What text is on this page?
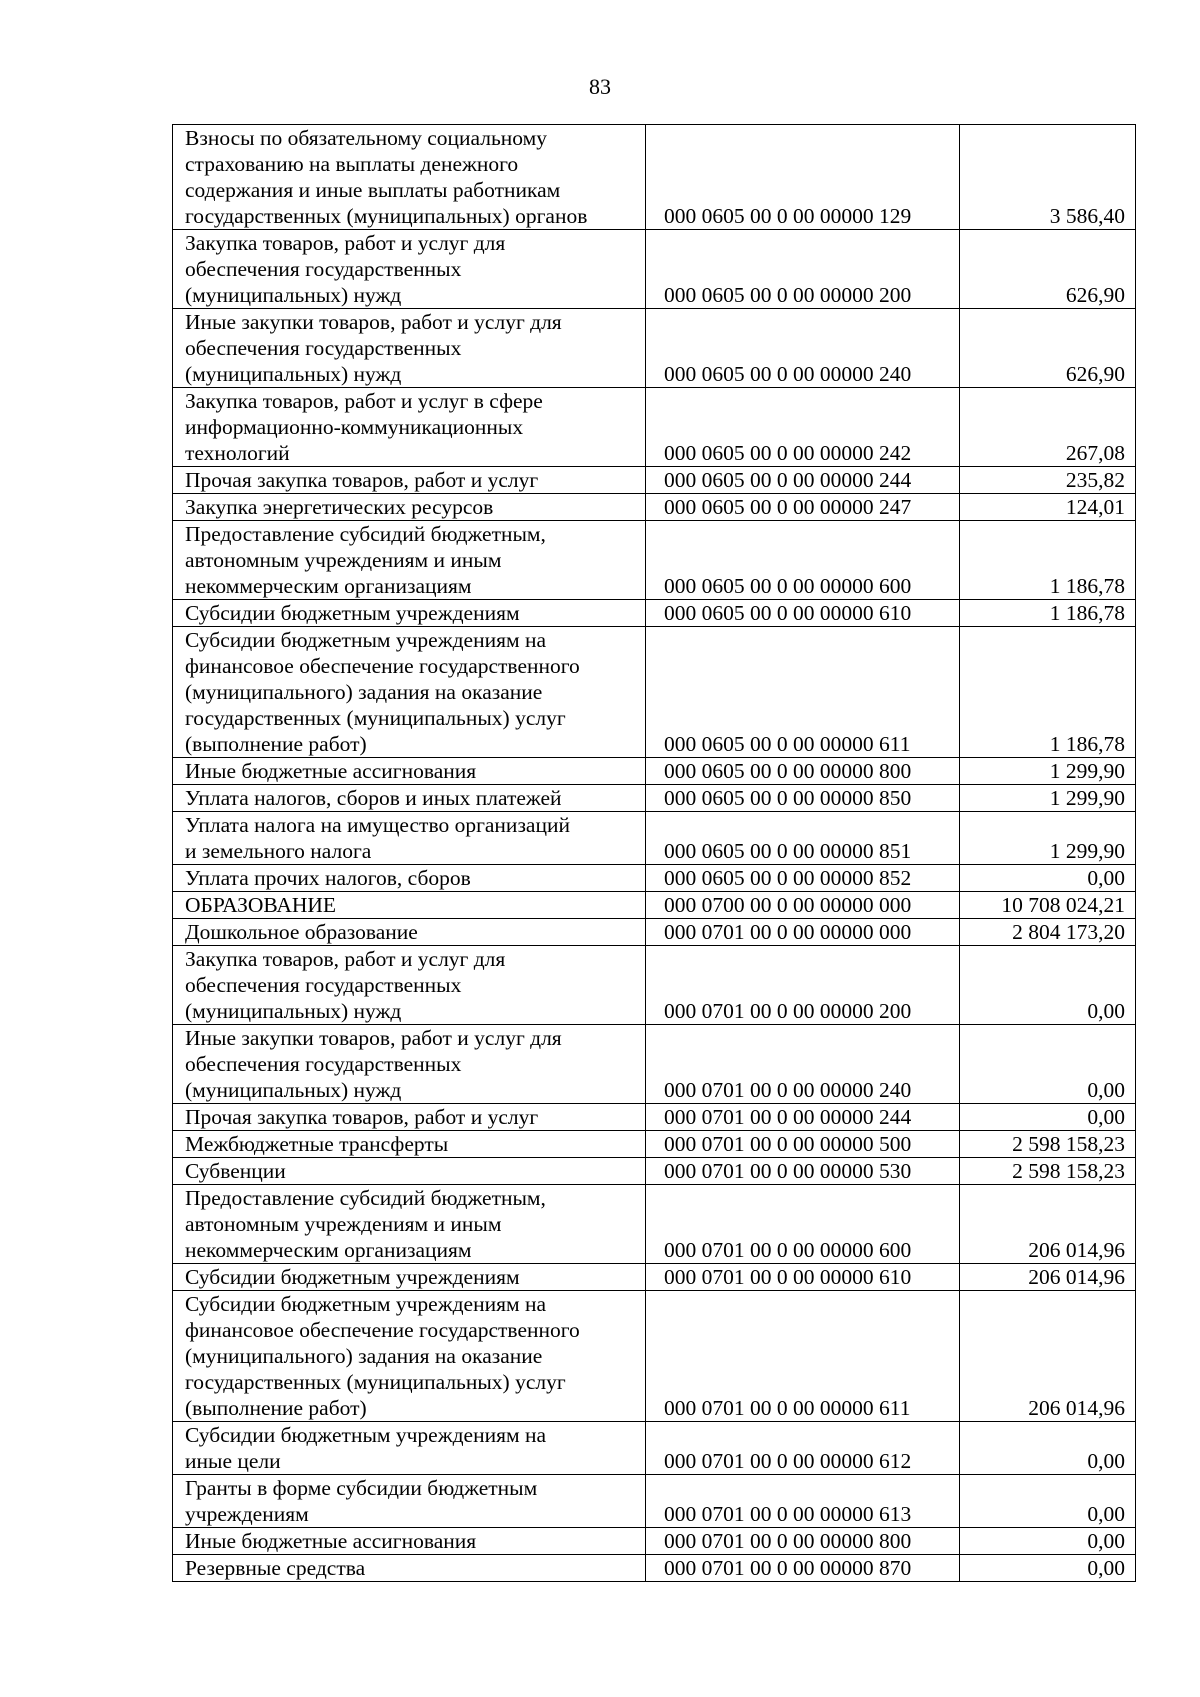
83
Взносы по обязательному социальному
страхованию на выплаты денежного
содержания и иные выплаты работникам
государственных (муниципальных) органов	000 0605 00 0 00 00000 129	3 586,40
Закупка товаров, работ и услуг для
обеспечения государственных
(муниципальных) нужд	000 0605 00 0 00 00000 200	626,90
Иные закупки товаров, работ и услуг для
обеспечения государственных
(муниципальных) нужд	000 0605 00 0 00 00000 240	626,90
Закупка товаров, работ и услуг в сфере
информационно-коммуникационных
технологий	000 0605 00 0 00 00000 242	267,08
Прочая закупка товаров, работ и услуг	000 0605 00 0 00 00000 244	235,82
Закупка энергетических ресурсов	000 0605 00 0 00 00000 247	124,01
Предоставление субсидий бюджетным,
автономным учреждениям и иным
некоммерческим организациям	000 0605 00 0 00 00000 600	1 186,78
Субсидии бюджетным учреждениям	000 0605 00 0 00 00000 610	1 186,78
Субсидии бюджетным учреждениям на
финансовое обеспечение государственного
(муниципального) задания на оказание
государственных (муниципальных) услуг
(выполнение работ)	000 0605 00 0 00 00000 611	1 186,78
Иные бюджетные ассигнования	000 0605 00 0 00 00000 800	1 299,90
Уплата налогов, сборов и иных платежей	000 0605 00 0 00 00000 850	1 299,90
Уплата налога на имущество организаций
и земельного налога	000 0605 00 0 00 00000 851	1 299,90
Уплата прочих налогов, сборов	000 0605 00 0 00 00000 852	0,00
ОБРАЗОВАНИЕ	000 0700 00 0 00 00000 000	10 708 024,21
Дошкольное образование	000 0701 00 0 00 00000 000	2 804 173,20
Закупка товаров, работ и услуг для
обеспечения государственных
(муниципальных) нужд	000 0701 00 0 00 00000 200	0,00
Иные закупки товаров, работ и услуг для
обеспечения государственных
(муниципальных) нужд	000 0701 00 0 00 00000 240	0,00
Прочая закупка товаров, работ и услуг	000 0701 00 0 00 00000 244	0,00
Межбюджетные трансферты	000 0701 00 0 00 00000 500	2 598 158,23
Субвенции	000 0701 00 0 00 00000 530	2 598 158,23
Предоставление субсидий бюджетным,
автономным учреждениям и иным
некоммерческим организациям	000 0701 00 0 00 00000 600	206 014,96
Субсидии бюджетным учреждениям	000 0701 00 0 00 00000 610	206 014,96
Субсидии бюджетным учреждениям на
финансовое обеспечение государственного
(муниципального) задания на оказание
государственных (муниципальных) услуг
(выполнение работ)	000 0701 00 0 00 00000 611	206 014,96
Субсидии бюджетным учреждениям на
иные цели	000 0701 00 0 00 00000 612	0,00
Гранты в форме субсидии бюджетным
учреждениям	000 0701 00 0 00 00000 613	0,00
Иные бюджетные ассигнования	000 0701 00 0 00 00000 800	0,00
Резервные средства	000 0701 00 0 00 00000 870	0,00
